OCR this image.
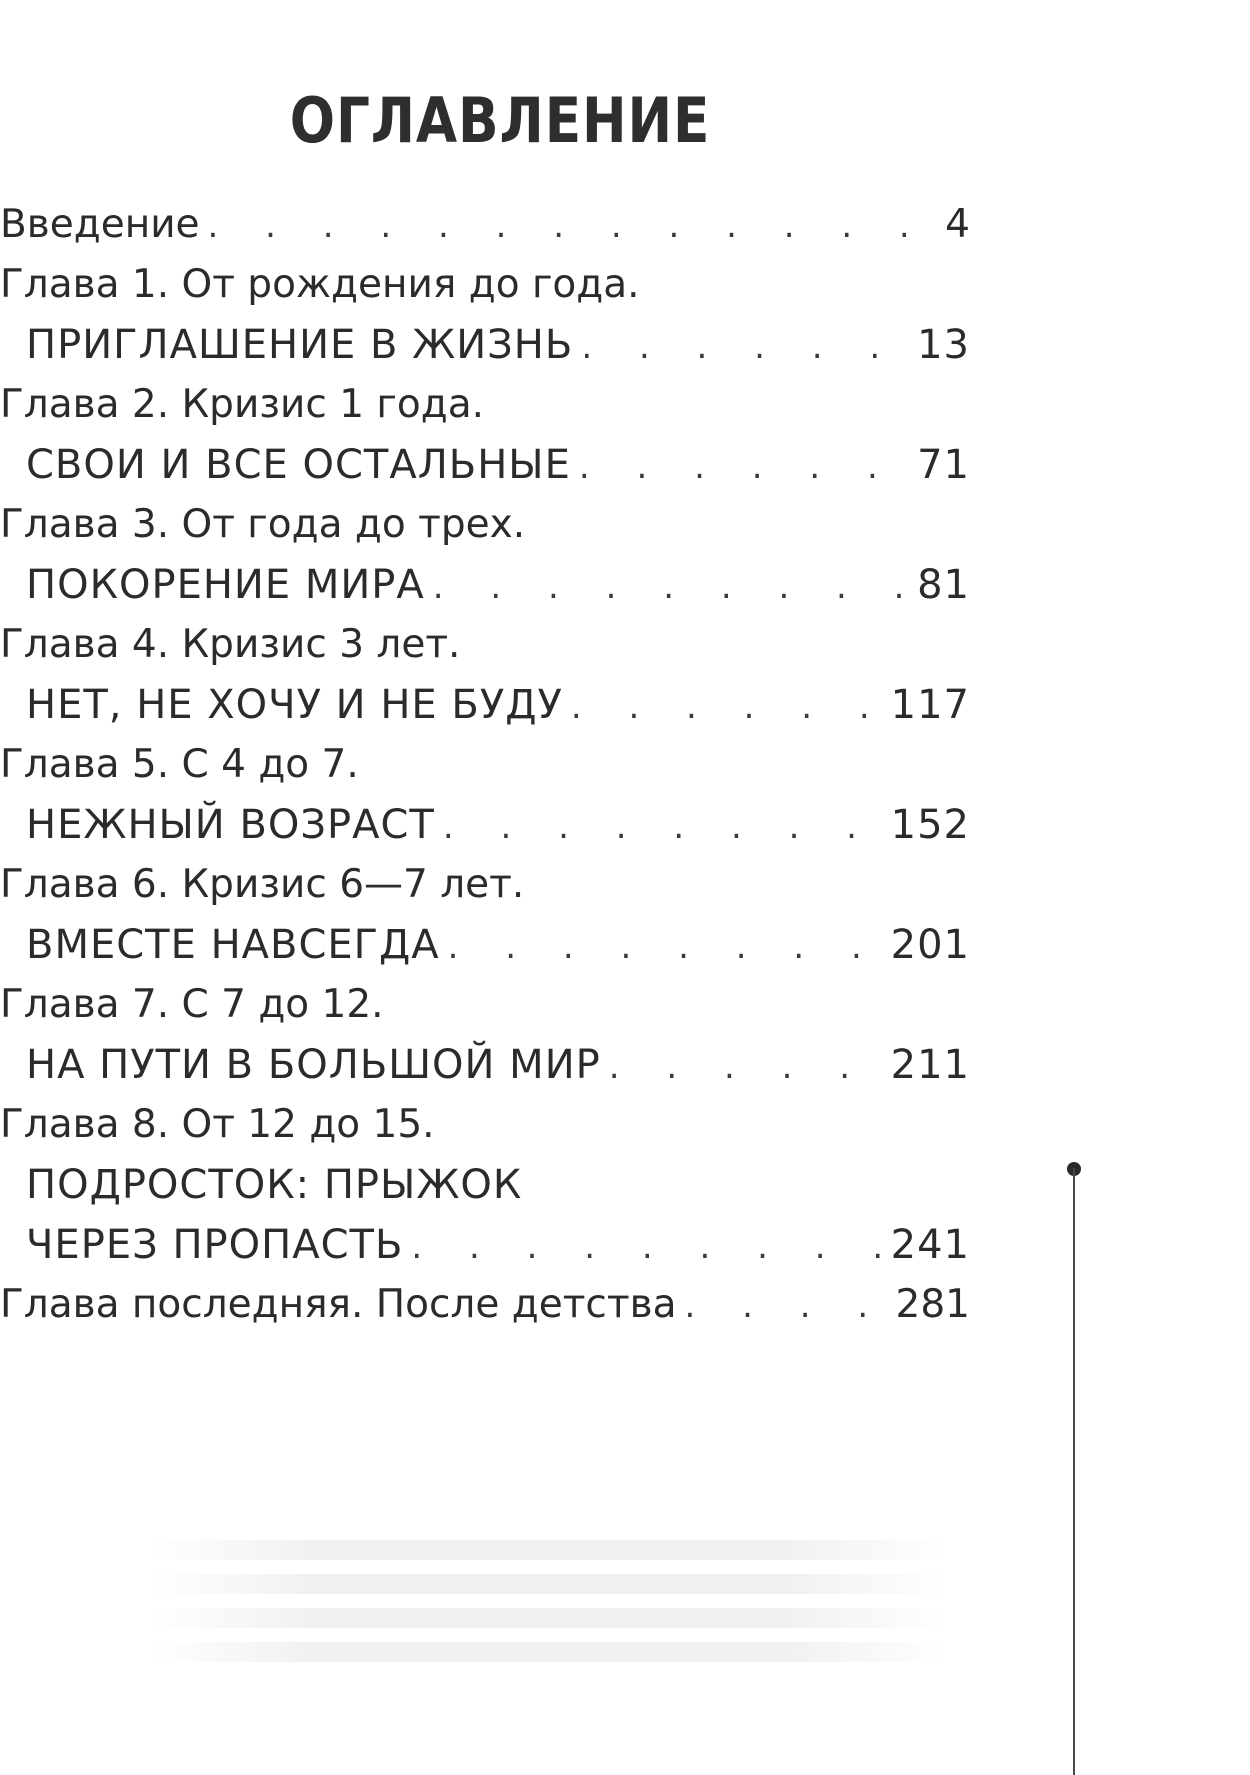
ОГЛАВЛЕНИЕ
Введение . . .	4
Глава 1. От рождения до года.
ПРИГЛАШЕНИЕ В ЖИЗНЬ . . .	13
Глава 2. Кризис 1 года.
СВОИ И ВСЕ ОСТАЛЬНЫЕ . . .	71
Глава 3. От года до трех.
ПОКОРЕНИЕ МИРА . . .	81
Глава 4. Кризис 3 лет.
НЕТ, НЕ ХОЧУ И НЕ БУДУ . . .	117
Глава 5. С 4 до 7.
НЕЖНЫЙ ВОЗРАСТ . . .	152
Глава 6. Кризис 6—7 лет.
ВМЕСТЕ НАВСЕГДА . . .	201
Глава 7. С 7 до 12.
НА ПУТИ В БОЛЬШОЙ МИР . . .	211
Глава 8. От 12 до 15.
ПОДРОСТОК: ПРЫЖОК
ЧЕРЕЗ ПРОПАСТЬ . . .	241
Глава последняя. После детства . . .	281
